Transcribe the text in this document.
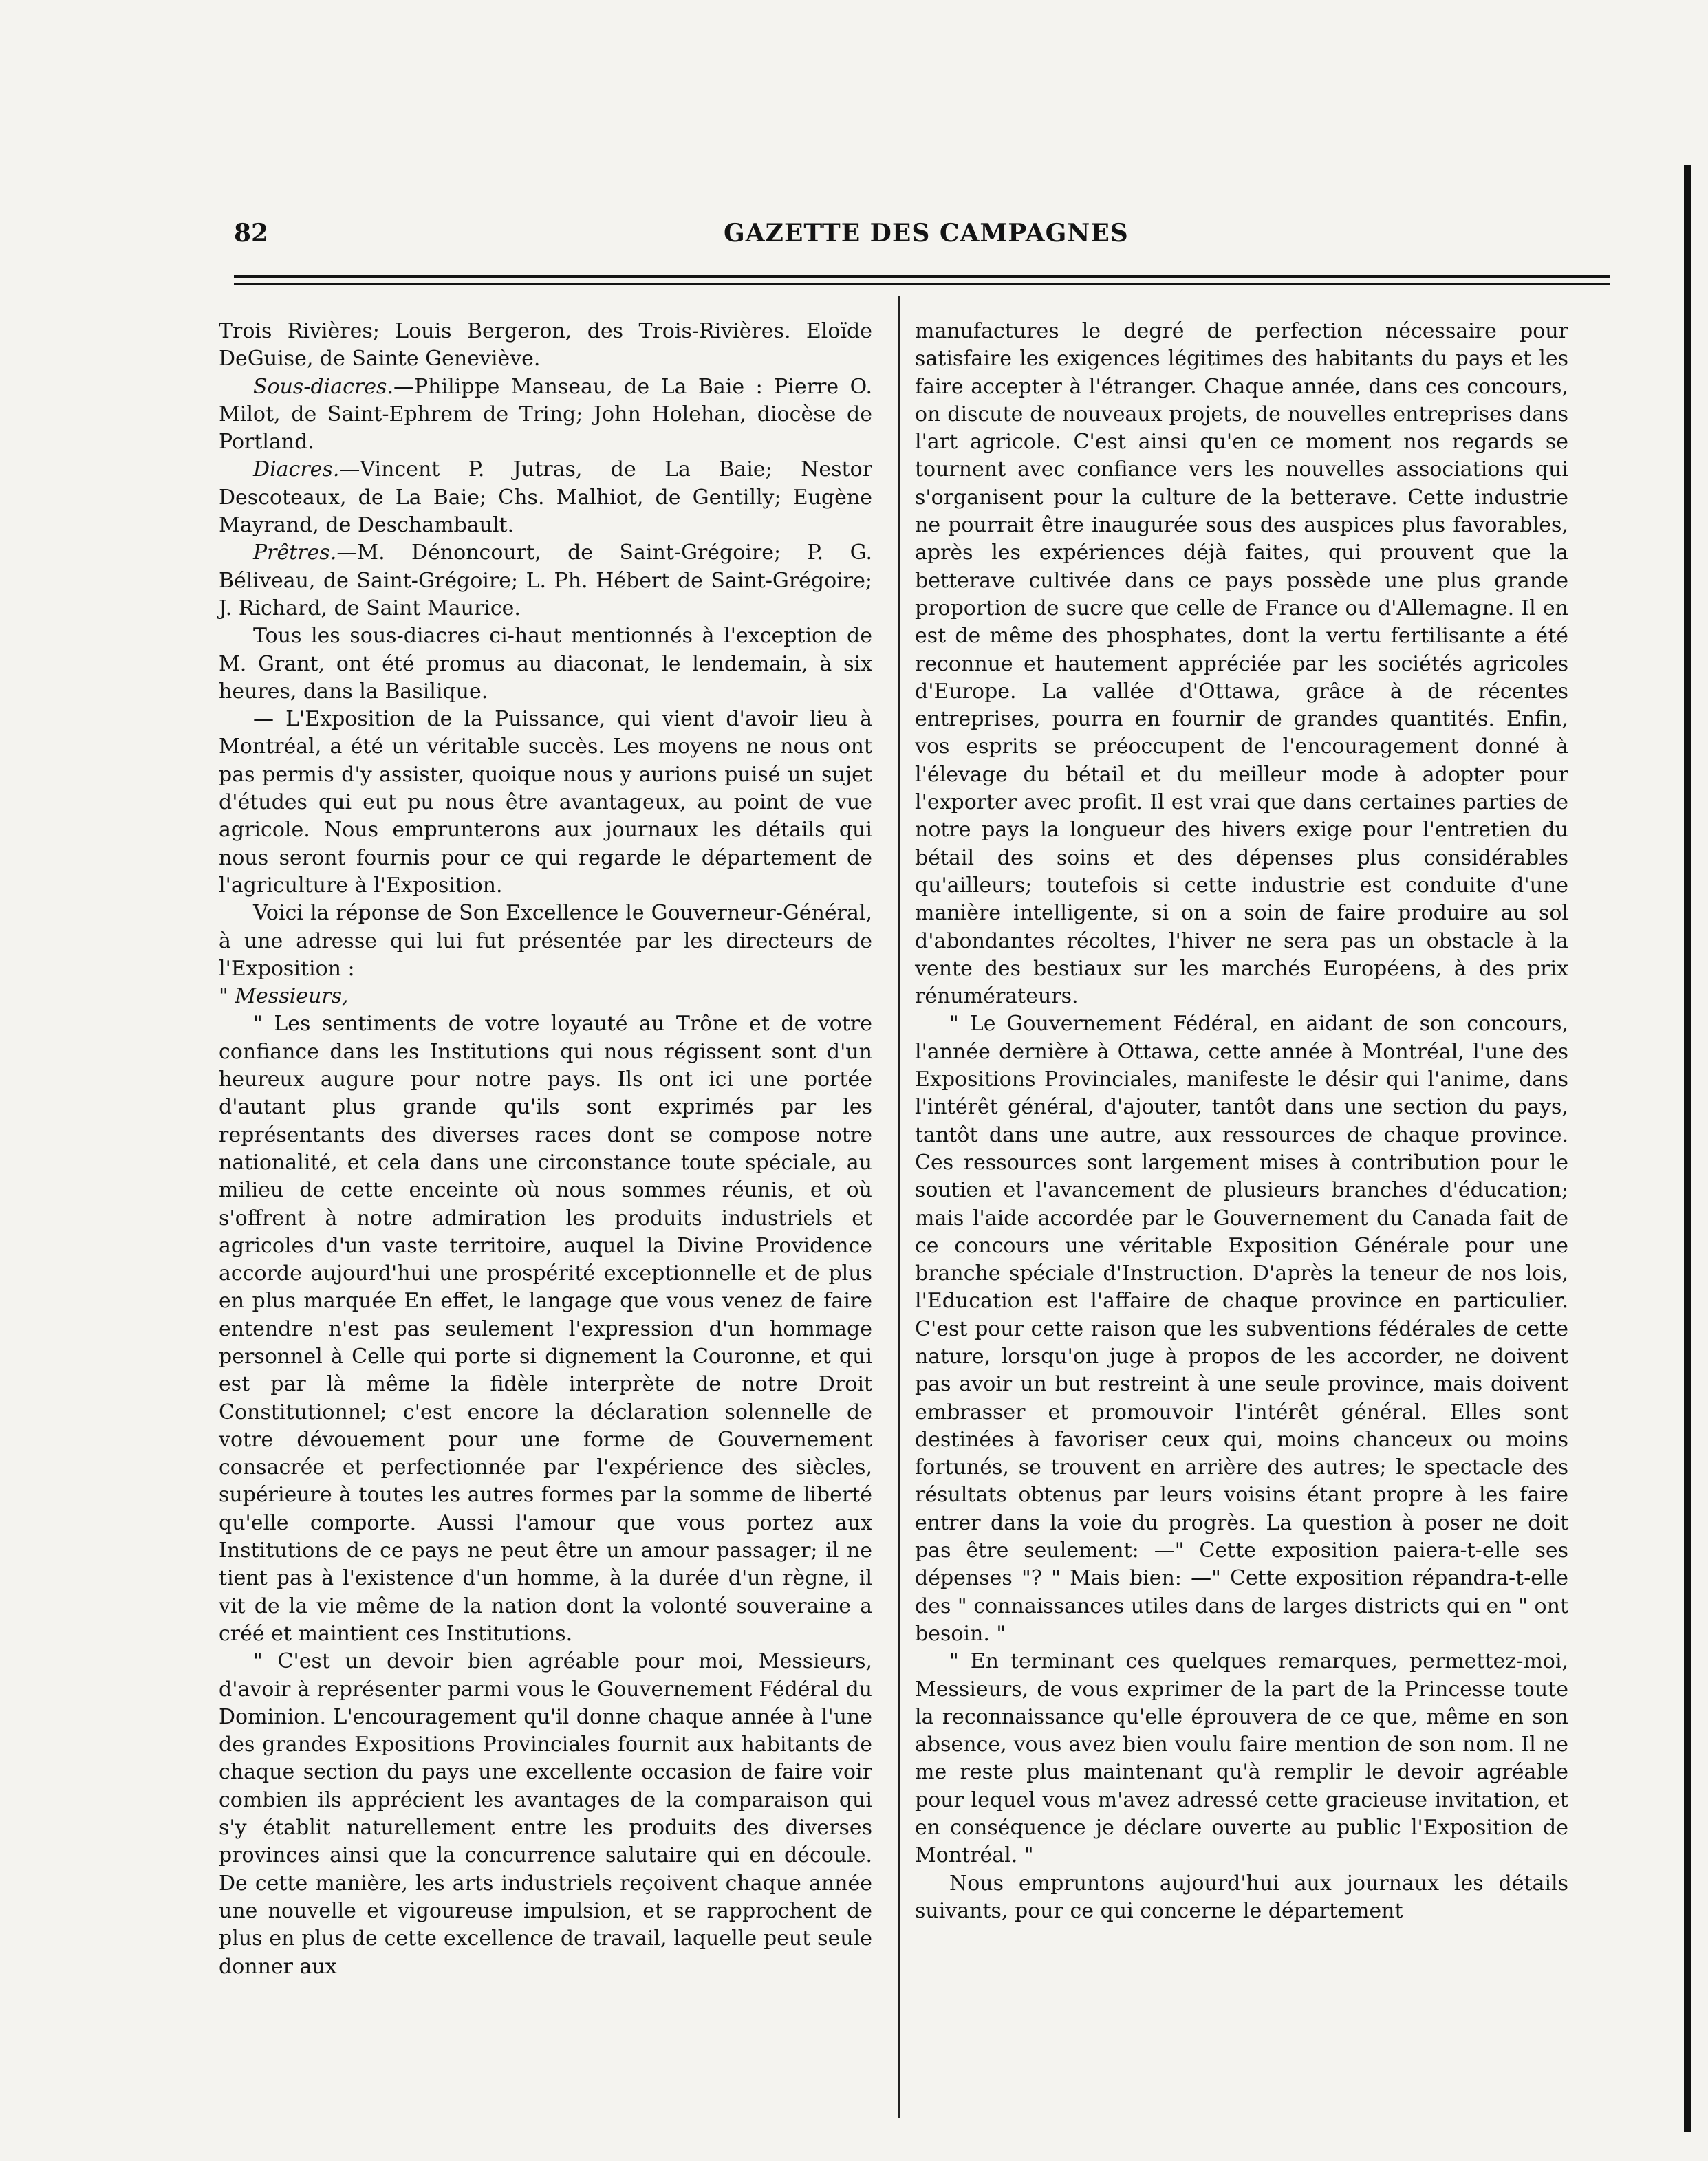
82	GAZETTE DES CAMPAGNES

Trois Rivières; Louis Bergeron, des Trois-Rivières. Eloïde DeGuise, de Sainte Geneviève.

Sous-diacres.—Philippe Manseau, de La Baie : Pierre O. Milot, de Saint-Ephrem de Tring; John Holehan, diocèse de Portland.

Diacres.—Vincent P. Jutras, de La Baie; Nestor Descoteaux, de La Baie; Chs. Malhiot, de Gentilly; Eugène Mayrand, de Deschambault.

Prêtres.—M. Dénoncourt, de Saint-Grégoire; P. G. Béliveau, de Saint-Grégoire; L. Ph. Hébert de Saint-Grégoire; J. Richard, de Saint Maurice.

Tous les sous-diacres ci-haut mentionnés à l'exception de M. Grant, ont été promus au diaconat, le lendemain, à six heures, dans la Basilique.

— L'Exposition de la Puissance, qui vient d'avoir lieu à Montréal, a été un véritable succès. Les moyens ne nous ont pas permis d'y assister, quoique nous y aurions puisé un sujet d'études qui eut pu nous être avantageux, au point de vue agricole. Nous emprunterons aux journaux les détails qui nous seront fournis pour ce qui regarde le département de l'agriculture à l'Exposition.

Voici la réponse de Son Excellence le Gouverneur-Général, à une adresse qui lui fut présentée par les directeurs de l'Exposition :

" Messieurs,

" Les sentiments de votre loyauté au Trône et de votre confiance dans les Institutions qui nous régissent sont d'un heureux augure pour notre pays. Ils ont ici une portée d'autant plus grande qu'ils sont exprimés par les représentants des diverses races dont se compose notre nationalité, et cela dans une circonstance toute spéciale, au milieu de cette enceinte où nous sommes réunis, et où s'offrent à notre admiration les produits industriels et agricoles d'un vaste territoire, auquel la Divine Providence accorde aujourd'hui une prospérité exceptionnelle et de plus en plus marquée En effet, le langage que vous venez de faire entendre n'est pas seulement l'expression d'un hommage personnel à Celle qui porte si dignement la Couronne, et qui est par là même la fidèle interprète de notre Droit Constitutionnel; c'est encore la déclaration solennelle de votre dévouement pour une forme de Gouvernement consacrée et perfectionnée par l'expérience des siècles, supérieure à toutes les autres formes par la somme de liberté qu'elle comporte. Aussi l'amour que vous portez aux Institutions de ce pays ne peut être un amour passager; il ne tient pas à l'existence d'un homme, à la durée d'un règne, il vit de la vie même de la nation dont la volonté souveraine a créé et maintient ces Institutions.

" C'est un devoir bien agréable pour moi, Messieurs, d'avoir à représenter parmi vous le Gouvernement Fédéral du Dominion. L'encouragement qu'il donne chaque année à l'une des grandes Expositions Provinciales fournit aux habitants de chaque section du pays une excellente occasion de faire voir combien ils apprécient les avantages de la comparaison qui s'y établit naturellement entre les produits des diverses provinces ainsi que la concurrence salutaire qui en découle. De cette manière, les arts industriels reçoivent chaque année une nouvelle et vigoureuse impulsion, et se rapprochent de plus en plus de cette excellence de travail, laquelle peut seule donner aux

manufactures le degré de perfection nécessaire pour satisfaire les exigences légitimes des habitants du pays et les faire accepter à l'étranger. Chaque année, dans ces concours, on discute de nouveaux projets, de nouvelles entreprises dans l'art agricole. C'est ainsi qu'en ce moment nos regards se tournent avec confiance vers les nouvelles associations qui s'organisent pour la culture de la betterave. Cette industrie ne pourrait être inaugurée sous des auspices plus favorables, après les expériences déjà faites, qui prouvent que la betterave cultivée dans ce pays possède une plus grande proportion de sucre que celle de France ou d'Allemagne. Il en est de même des phosphates, dont la vertu fertilisante a été reconnue et hautement appréciée par les sociétés agricoles d'Europe. La vallée d'Ottawa, grâce à de récentes entreprises, pourra en fournir de grandes quantités. Enfin, vos esprits se préoccupent de l'encouragement donné à l'élevage du bétail et du meilleur mode à adopter pour l'exporter avec profit. Il est vrai que dans certaines parties de notre pays la longueur des hivers exige pour l'entretien du bétail des soins et des dépenses plus considérables qu'ailleurs; toutefois si cette industrie est conduite d'une manière intelligente, si on a soin de faire produire au sol d'abondantes récoltes, l'hiver ne sera pas un obstacle à la vente des bestiaux sur les marchés Européens, à des prix rénumérateurs.

" Le Gouvernement Fédéral, en aidant de son concours, l'année dernière à Ottawa, cette année à Montréal, l'une des Expositions Provinciales, manifeste le désir qui l'anime, dans l'intérêt général, d'ajouter, tantôt dans une section du pays, tantôt dans une autre, aux ressources de chaque province. Ces ressources sont largement mises à contribution pour le soutien et l'avancement de plusieurs branches d'éducation; mais l'aide accordée par le Gouvernement du Canada fait de ce concours une véritable Exposition Générale pour une branche spéciale d'Instruction. D'après la teneur de nos lois, l'Education est l'affaire de chaque province en particulier. C'est pour cette raison que les subventions fédérales de cette nature, lorsqu'on juge à propos de les accorder, ne doivent pas avoir un but restreint à une seule province, mais doivent embrasser et promouvoir l'intérêt général. Elles sont destinées à favoriser ceux qui, moins chanceux ou moins fortunés, se trouvent en arrière des autres; le spectacle des résultats obtenus par leurs voisins étant propre à les faire entrer dans la voie du progrès. La question à poser ne doit pas être seulement: —" Cette exposition paiera-t-elle ses dépenses "? " Mais bien: —" Cette exposition répandra-t-elle des " connaissances utiles dans de larges districts qui en " ont besoin. "

" En terminant ces quelques remarques, permettez-moi, Messieurs, de vous exprimer de la part de la Princesse toute la reconnaissance qu'elle éprouvera de ce que, même en son absence, vous avez bien voulu faire mention de son nom. Il ne me reste plus maintenant qu'à remplir le devoir agréable pour lequel vous m'avez adressé cette gracieuse invitation, et en conséquence je déclare ouverte au public l'Exposition de Montréal. "

Nous empruntons aujourd'hui aux journaux les détails suivants, pour ce qui concerne le département
